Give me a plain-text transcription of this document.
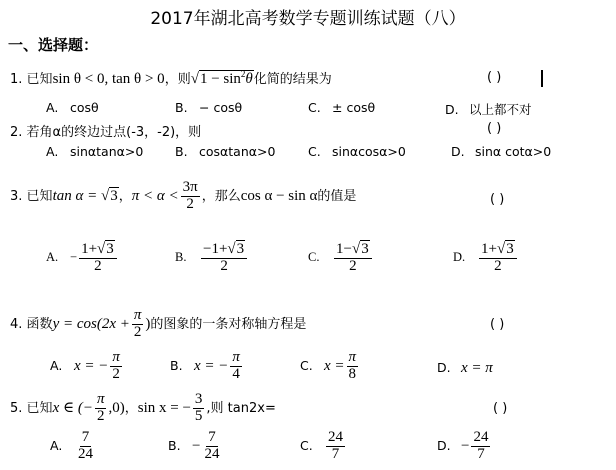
2017年湖北高考数学专题训练试题（八）
一、选择题：
1. 已知sin θ < 0, tan θ > 0，则$√1 - \sin^2\theta$化简的结果为	( )
A. cosθ	B. − cosθ	C. ± cosθ	D. 以上都不对
2. 若角α的终边过点(-3，-2)，则	( )
A. sinαtanα>0	B. cosαtanα>0	C. sinαcosα>0	D. sinα cotα>0
3. 已知tan α = √3，$\pi < \alpha < \frac{3\pi}{2}$ ，那么cos α − sin α的值是	( )
A. − $\frac{1+√3}{2}$	B. $\frac{-1+√3}{2}$	C. $\frac{1-√3}{2}$	D. $\frac{1+√3}{2}$
4. 函数$y = \cos(2x + \frac{\pi}{2}$ )的图象的一条对称轴方程是	( )
A. x = − $\frac{\pi}{2}$	B. x = − $\frac{\pi}{4}$	C. $x = \frac{\pi}{8}$	D. x = π
5. 已知x ∈ (− $\frac{\pi}{2} ,0$)，sin x = − $\frac{3}{5}$ ,则 tan2x=	( )
A. $\frac{7}{24}$	B. − $\frac{7}{24}$	C. $\frac{24}{7}$	D. − $\frac{24}{7}$
